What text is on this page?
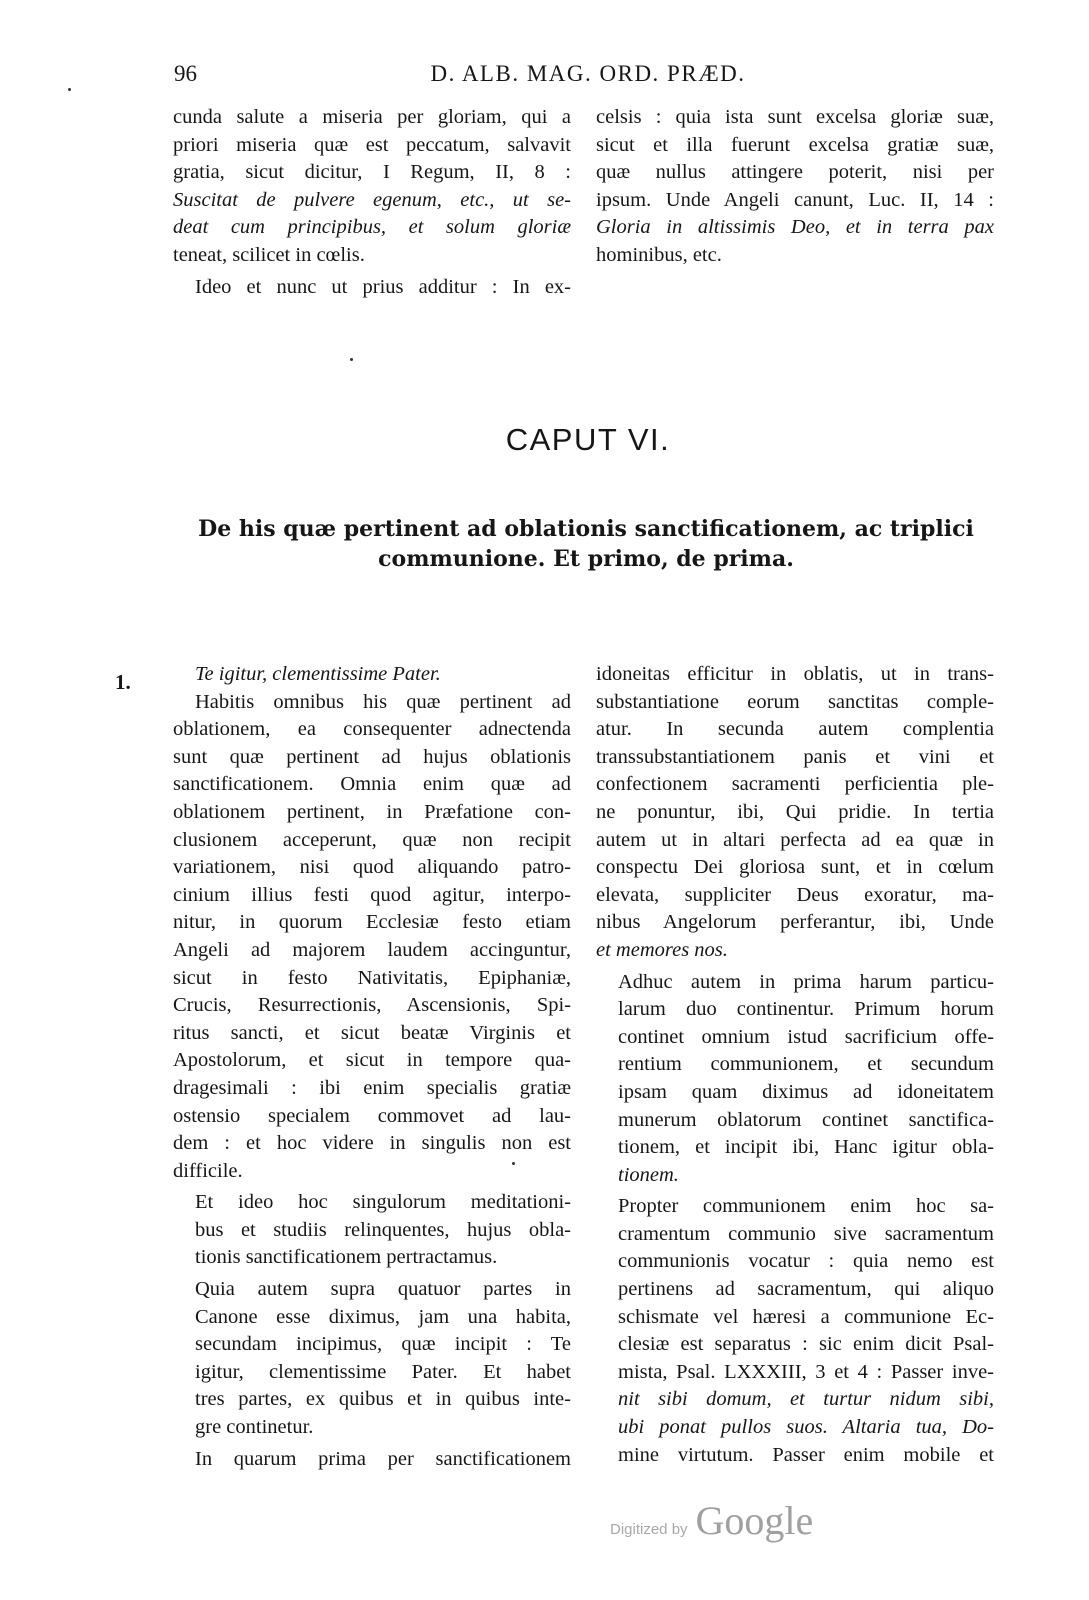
96	D. ALB. MAG. ORD. PRÆD.

cunda salute a miseria per gloriam, qui a
priori miseria quæ est peccatum, salvavit
gratia, sicut dicitur, I Regum, II, 8 :
Suscitat de pulvere egenum, etc., ut se-
deat cum principibus, et solum gloriæ
teneat, scilicet in cœlis.

Ideo et nunc ut prius additur : In ex-

celsis : quia ista sunt excelsa gloriæ suæ,
sicut et illa fuerunt excelsa gratiæ suæ,
quæ nullus attingere poterit, nisi per
ipsum. Unde Angeli canunt, Luc. II, 14 :
Gloria in altissimis Deo, et in terra pax
hominibus, etc.

CAPUT VI.
De his quæ pertinent ad oblationis sanctificationem, ac triplici
communione. Et primo, de prima.
1.	Te igitur, clementissime Pater.

Habitis omnibus his quæ pertinent ad
oblationem, ea consequenter adnectenda
sunt quæ pertinent ad hujus oblationis
sanctificationem. Omnia enim quæ ad
oblationem pertinent, in Præfatione con-
clusionem acceperunt, quæ non recipit
variationem, nisi quod aliquando patro-
cinium illius festi quod agitur, interpo-
nitur, in quorum Ecclesiæ festo etiam
Angeli ad majorem laudem accinguntur,
sicut in festo Nativitatis, Epiphaniæ,
Crucis, Resurrectionis, Ascensionis, Spi-
ritus sancti, et sicut beatæ Virginis et
Apostolorum, et sicut in tempore qua-
dragesimali : ibi enim specialis gratiæ
ostensio specialem commovet ad lau-
dem : et hoc videre in singulis non est
difficile.

Et ideo hoc singulorum meditationi-
bus et studiis relinquentes, hujus obla-
tionis sanctificationem pertractamus.

Quia autem supra quatuor partes in
Canone esse diximus, jam una habita,
secundam incipimus, quæ incipit : Te
igitur, clementissime Pater. Et habet
tres partes, ex quibus et in quibus inte-
gre continetur.

In quarum prima per sanctificationem

idoneitas efficitur in oblatis, ut in trans-
substantiatione eorum sanctitas comple-
atur. In secunda autem complentia
transsubstantiationem panis et vini et
confectionem sacramenti perficientia ple-
ne ponuntur, ibi, Qui pridie. In tertia
autem ut in altari perfecta ad ea quæ in
conspectu Dei gloriosa sunt, et in cœlum
elevata, suppliciter Deus exoratur, ma-
nibus Angelorum perferantur, ibi, Unde
et memores nos.

Adhuc autem in prima harum particu-
larum duo continentur. Primum horum
continet omnium istud sacrificium offe-
rentium communionem, et secundum
ipsam quam diximus ad idoneitatem
munerum oblatorum continet sanctifica-
tionem, et incipit ibi, Hanc igitur obla-
tionem.

Propter communionem enim hoc sa-
cramentum communio sive sacramentum
communionis vocatur : quia nemo est
pertinens ad sacramentum, qui aliquo
schismate vel hæresi a communione Ec-
clesiæ est separatus : sic enim dicit Psal-
mista, Psal. LXXXIII, 3 et 4 : Passer inve-
nit sibi domum, et turtur nidum sibi,
ubi ponat pullos suos. Altaria tua, Do-
mine virtutum. Passer enim mobile et

Digitized by Google
